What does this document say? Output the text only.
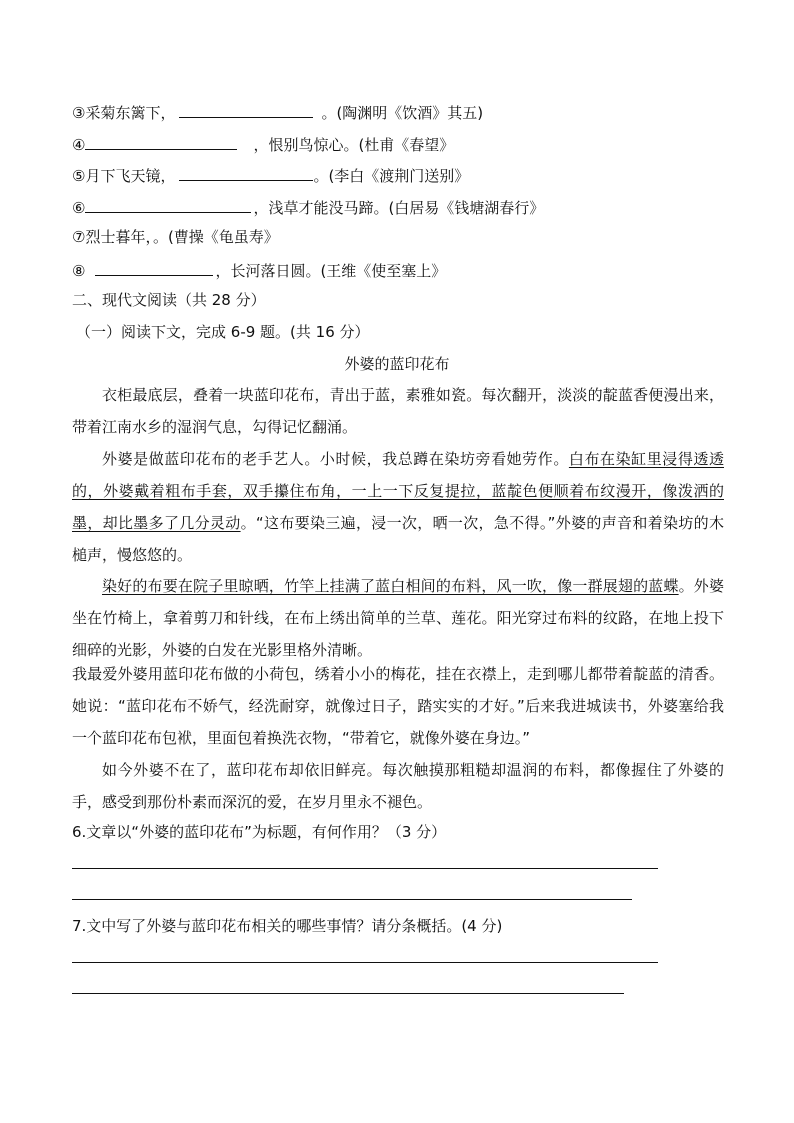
③采菊东篱下，	。(陶渊明《饮酒》其五)
④	，恨别鸟惊心。(杜甫《春望》
⑤月下飞天镜，	。(李白《渡荆门送别》
⑥	，浅草才能没马蹄。(白居易《钱塘湖春行》
⑦烈士暮年，。(曹操《龟虽寿》
⑧	，长河落日圆。(王维《使至塞上》
二、现代文阅读（共 28 分）
（一）阅读下文，完成 6-9 题。(共 16 分）
外婆的蓝印花布
衣柜最底层，叠着一块蓝印花布，青出于蓝，素雅如瓷。每次翻开，淡淡的靛蓝香便漫出来，带着江南水乡的湿润气息，勾得记忆翻涌。
外婆是做蓝印花布的老手艺人。小时候，我总蹲在染坊旁看她劳作。白布在染缸里浸得透透的，外婆戴着粗布手套，双手攥住布角，一上一下反复提拉，蓝靛色便顺着布纹漫开，像泼洒的墨，却比墨多了几分灵动。“这布要染三遍，浸一次，晒一次，急不得。”外婆的声音和着染坊的木槌声，慢悠悠的。
染好的布要在院子里晾晒，竹竿上挂满了蓝白相间的布料，风一吹，像一群展翅的蓝蝶。外婆坐在竹椅上，拿着剪刀和针线，在布上绣出简单的兰草、莲花。阳光穿过布料的纹路，在地上投下细碎的光影，外婆的白发在光影里格外清晰。
我最爱外婆用蓝印花布做的小荷包，绣着小小的梅花，挂在衣襟上，走到哪儿都带着靛蓝的清香。她说：“蓝印花布不娇气，经洗耐穿，就像过日子，踏实实的才好。”后来我进城读书，外婆塞给我一个蓝印花布包袱，里面包着换洗衣物，“带着它，就像外婆在身边。”
如今外婆不在了，蓝印花布却依旧鲜亮。每次触摸那粗糙却温润的布料，都像握住了外婆的手，感受到那份朴素而深沉的爱，在岁月里永不褪色。
6.文章以“外婆的蓝印花布”为标题，有何作用？（3 分）
7.文中写了外婆与蓝印花布相关的哪些事情？请分条概括。(4 分)
